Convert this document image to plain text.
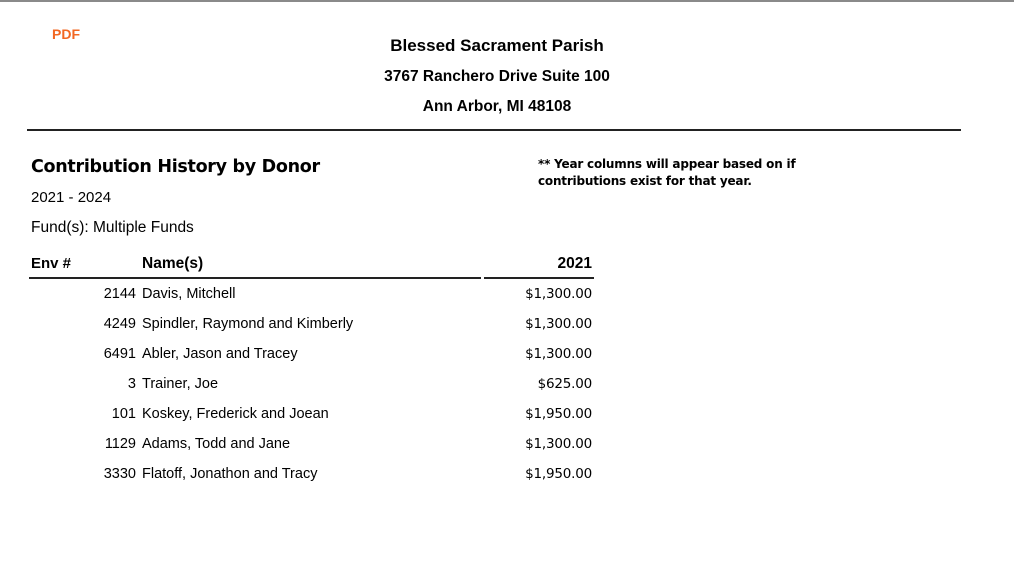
PDF
Blessed Sacrament Parish
3767 Ranchero Drive Suite 100
Ann Arbor, MI 48108
Contribution History by Donor
2021 - 2024
Fund(s): Multiple Funds
** Year columns will appear based on if contributions exist for that year.
Env #	Name(s)	2021
2144 Davis, Mitchell	$1,300.00
4249 Spindler, Raymond and Kimberly	$1,300.00
6491 Abler, Jason and Tracey	$1,300.00
3 Trainer, Joe	$625.00
101 Koskey, Frederick and Joean	$1,950.00
1129 Adams, Todd and Jane	$1,300.00
3330 Flatoff, Jonathon and Tracy	$1,950.00
